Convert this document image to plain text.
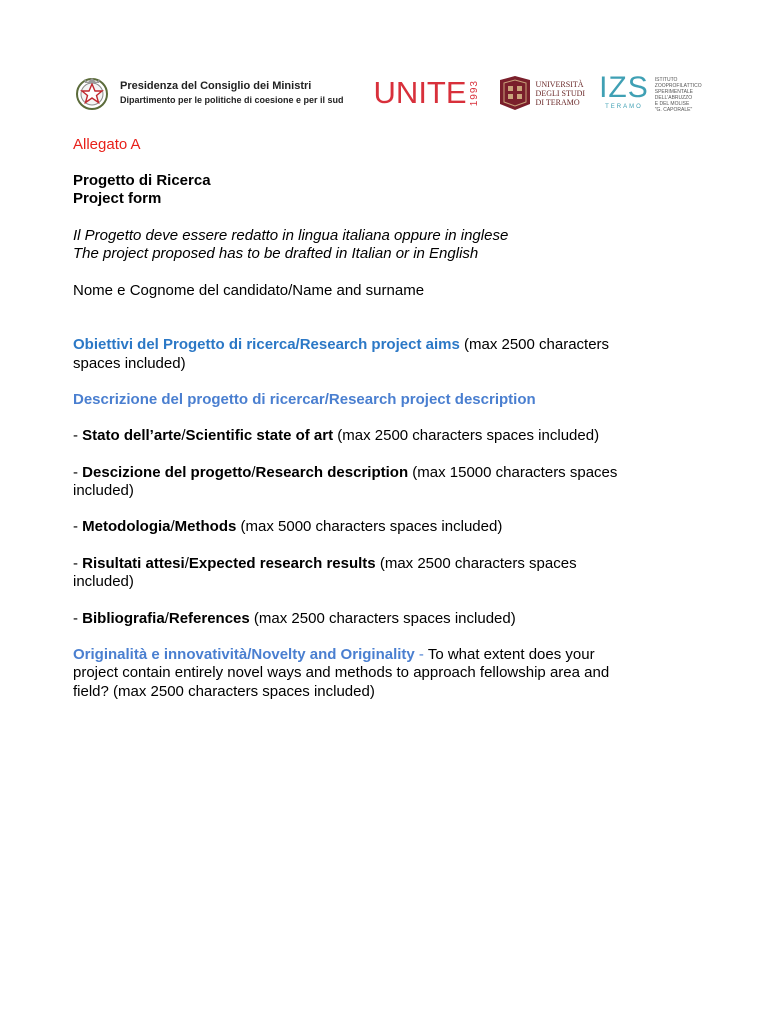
Presidenza del Consiglio dei Ministri
Dipartimento per le politiche di coesione e per il sud UNITE 1993	UNIVERSITÀ
DEGLI STUDI
DI TERAMO IZS
TERAMO
ISTITUTO
ZOOPROFILATTICO
SPERIMENTALE
DELL'ABRUZZO
E DEL MOLISE
"G. CAPORALE"

Allegato A

Progetto di Ricerca

Project form

Il Progetto deve essere redatto in lingua italiana oppure in inglese

The project proposed has to be drafted in Italian or in English

Nome e Cognome del candidato/Name and surname

Obiettivi del Progetto di ricerca/Research project aims (max 2500 characters

spaces included)

Descrizione del progetto di ricercar/Research project description

- Stato dell’arte/Scientific state of art (max 2500 characters spaces included)

- Descizione del progetto/Research description (max 15000 characters spaces

included)

- Metodologia/Methods (max 5000 characters spaces included)

- Risultati attesi/Expected research results (max 2500 characters spaces

included)

- Bibliografia/References (max 2500 characters spaces included)

Originalità e innovatività/Novelty and Originality - To what extent does your

project contain entirely novel ways and methods to approach fellowship area and

field? (max 2500 characters spaces included)
